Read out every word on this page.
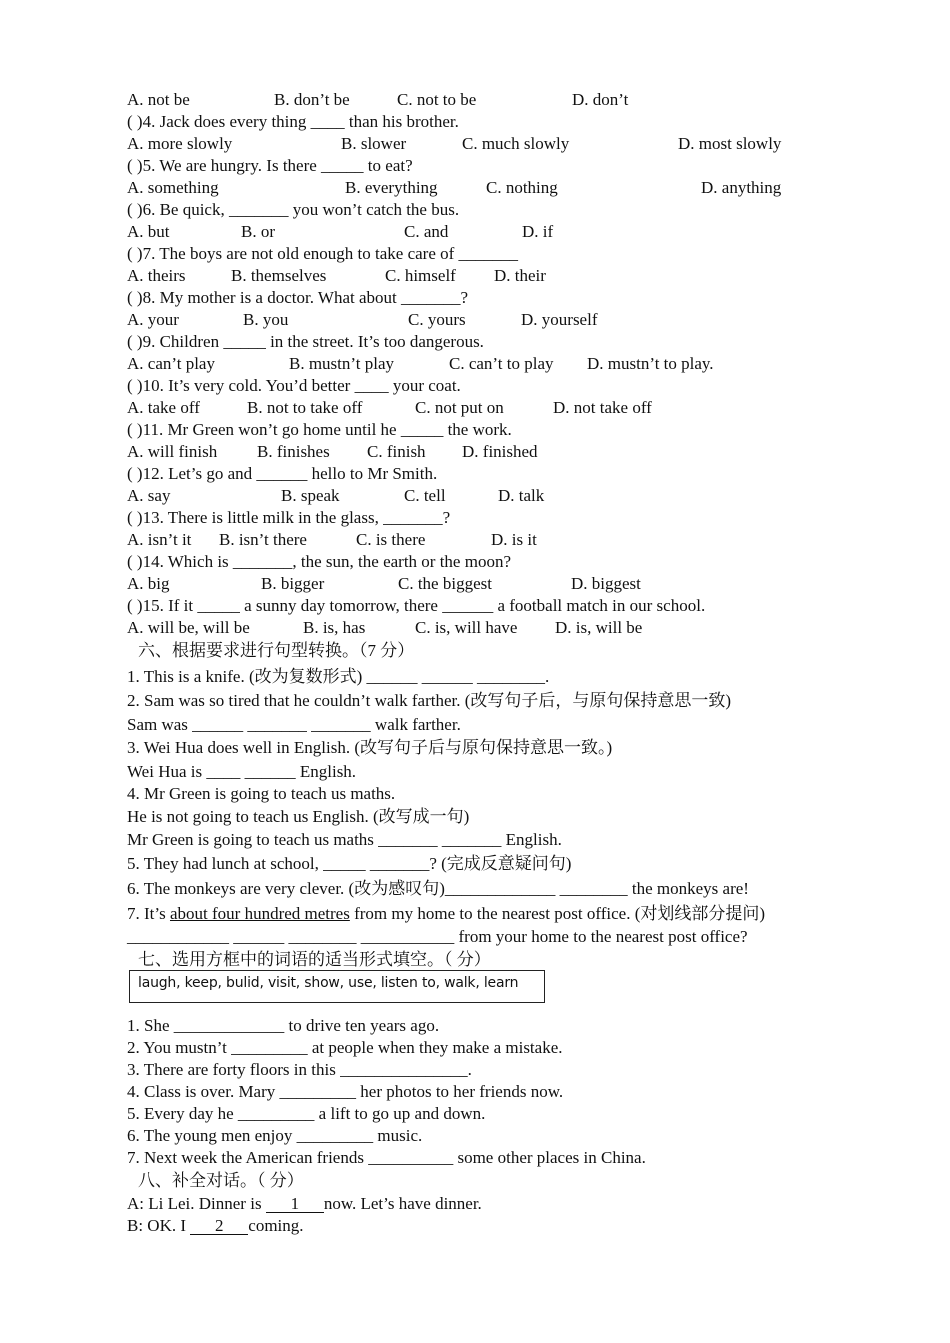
A. not be	B. don’t be	C. not to be	D. don’t
( )4. Jack does every thing ____ than his brother.
A. more slowly	B. slower	C. much slowly	D. most slowly
( )5. We are hungry. Is there _____ to eat?
A. something	B. everything	C. nothing	D. anything
( )6. Be quick, _______ you won’t catch the bus.
A. but	B. or	C. and	D. if
( )7. The boys are not old enough to take care of _______
A. theirs	B. themselves	C. himself D. their
( )8. My mother is a doctor. What about _______?
A. your	B. you	C. yours	D. yourself
( )9. Children _____ in the street. It’s too dangerous.
A. can’t play	B. mustn’t play	C. can’t to play D. mustn’t to play.
( )10. It’s very cold. You’d better ____ your coat.
A. take off	B. not to take off	C. not put on	D. not take off
( )11. Mr Green won’t go home until he _____ the work.
A. will finish B. finishes C. finish D. finished
( )12. Let’s go and ______ hello to Mr Smith.
A. say	B. speak	C. tell	D. talk
( )13. There is little milk in the glass, _______?
A. isn’t it B. isn’t there	C. is there	D. is it
( )14. Which is _______, the sun, the earth or the moon?
A. big	B. bigger	C. the biggest	D. biggest
( )15. If it _____ a sunny day tomorrow, there ______ a football match in our school.
A. will be, will be	B. is, has	C. is, will have D. is, will be
六、根据要求进行句型转换。（7 分）
1. This is a knife. (改为复数形式) ______ ______ ________.
2. Sam was so tired that he couldn’t walk farther. (改写句子后，与原句保持意思一致)
Sam was ______ _______ _______ walk farther.
3. Wei Hua does well in English. (改写句子后与原句保持意思一致。)
Wei Hua is ____ ______ English.
4. Mr Green is going to teach us maths.
He is not going to teach us English. (改写成一句)
Mr Green is going to teach us maths _______ _______ English.
5. They had lunch at school, _____ _______? (完成反意疑问句)
6. The monkeys are very clever. (改为感叹句)_____________ ________ the monkeys are!
7. It’s about four hundred metres from my home to the nearest post office. (对划线部分提问)
____________ ______ ________ ___________ from your home to the nearest post office?
七、选用方框中的词语的适当形式填空。（ 分）
laugh, keep, bulid, visit, show, use, listen to, walk, learn
1. She _____________ to drive ten years ago.
2. You mustn’t _________ at people when they make a mistake.
3. There are forty floors in this _______________.
4. Class is over. Mary _________ her photos to her friends now.
5. Every day he _________ a lift to go up and down.
6. The young men enjoy _________ music.
7. Next week the American friends __________ some other places in China.
八、补全对话。（ 分）
A: Li Lei. Dinner is 1 now. Let’s have dinner.
B: OK. I 2 coming.
